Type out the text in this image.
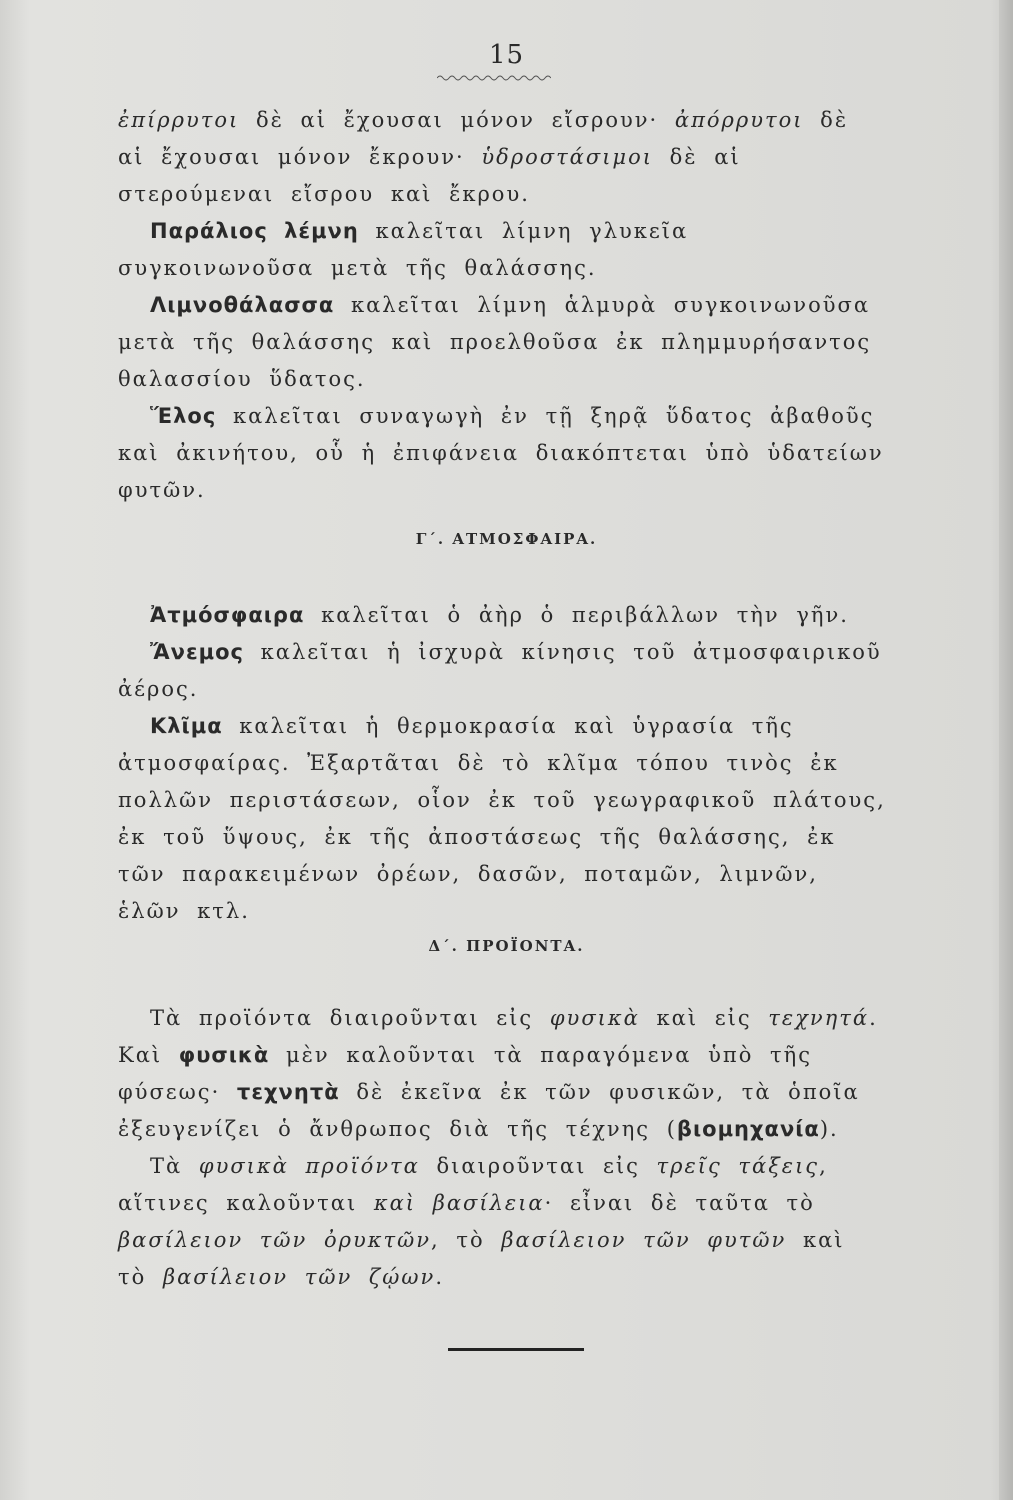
15

ἐπίρρυτοι δὲ αἱ ἔχουσαι μόνον εἴσρουν· ἀπόρρυτοι δὲ αἱ ἔχουσαι μόνον ἔκρουν· ὑδροστάσιμοι δὲ αἱ στερούμεναι εἴσρου καὶ ἔκρου.

Παράλιος λέμνη καλεῖται λίμνη γλυκεῖα συγκοινωνοῦσα μετὰ τῆς θαλάσσης.

Λιμνοθάλασσα καλεῖται λίμνη ἁλμυρὰ συγκοινωνοῦσα μετὰ τῆς θαλάσσης καὶ προελθοῦσα ἐκ πλημμυρήσαντος θαλασσίου ὕδατος.

Ἕλος καλεῖται συναγωγὴ ἐν τῇ ξηρᾷ ὕδατος ἀβαθοῦς καὶ ἀκινήτου, οὗ ἡ ἐπιφάνεια διακόπτεται ὑπὸ ὑδατείων φυτῶν.

Γ΄. ΑΤΜΟΣΦΑΙΡΑ.

Ἀτμόσφαιρα καλεῖται ὁ ἀὴρ ὁ περιβάλλων τὴν γῆν.

Ἄνεμος καλεῖται ἡ ἰσχυρὰ κίνησις τοῦ ἀτμοσφαιρικοῦ ἀέρος.

Κλῖμα καλεῖται ἡ θερμοκρασία καὶ ὑγρασία τῆς ἀτμοσφαίρας. Ἐξαρτᾶται δὲ τὸ κλῖμα τόπου τινὸς ἐκ πολλῶν περιστάσεων, οἷον ἐκ τοῦ γεωγραφικοῦ πλάτους, ἐκ τοῦ ὕψους, ἐκ τῆς ἀποστάσεως τῆς θαλάσσης, ἐκ τῶν παρακειμένων ὀρέων, δασῶν, ποταμῶν, λιμνῶν, ἑλῶν κτλ.

Δ΄. ΠΡΟΪΟΝΤΑ.

Τὰ προϊόντα διαιροῦνται εἰς φυσικὰ καὶ εἰς τεχνητά. Καὶ φυσικὰ μὲν καλοῦνται τὰ παραγόμενα ὑπὸ τῆς φύσεως· τεχνητὰ δὲ ἐκεῖνα ἐκ τῶν φυσικῶν, τὰ ὁποῖα ἐξευγενίζει ὁ ἄνθρωπος διὰ τῆς τέχνης (βιομηχανία).

Τὰ φυσικὰ προϊόντα διαιροῦνται εἰς τρεῖς τάξεις, αἵτινες καλοῦνται καὶ βασίλεια· εἶναι δὲ ταῦτα τὸ βασίλειον τῶν ὀρυκτῶν, τὸ βασίλειον τῶν φυτῶν καὶ τὸ βασίλειον τῶν ζῴων.
